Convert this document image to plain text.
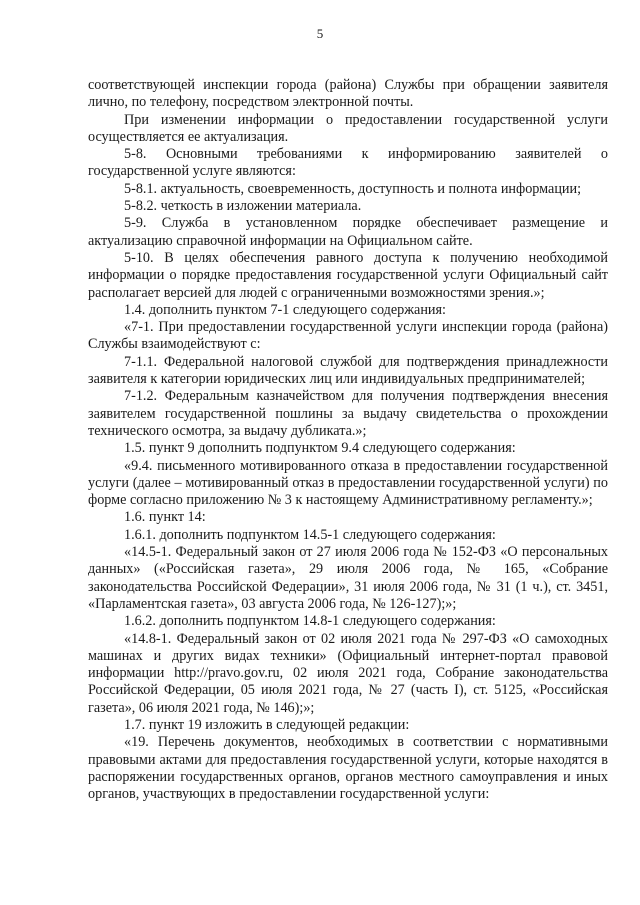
5

соответствующей инспекции города (района) Службы при обращении заявителя лично, по телефону, посредством электронной почты.

При изменении информации о предоставлении государственной услуги осуществляется ее актуализация.

5-8. Основными требованиями к информированию заявителей о государственной услуге являются:

5-8.1. актуальность, своевременность, доступность и полнота информации;

5-8.2. четкость в изложении материала.

5-9. Служба в установленном порядке обеспечивает размещение и актуализацию справочной информации на Официальном сайте.

5-10. В целях обеспечения равного доступа к получению необходимой информации о порядке предоставления государственной услуги Официальный сайт располагает версией для людей с ограниченными возможностями зрения.»;

1.4. дополнить пунктом 7-1 следующего содержания:

«7-1. При предоставлении государственной услуги инспекции города (района) Службы взаимодействуют с:

7-1.1. Федеральной налоговой службой для подтверждения принадлежности заявителя к категории юридических лиц или индивидуальных предпринимателей;

7-1.2. Федеральным казначейством для получения подтверждения внесения заявителем государственной пошлины за выдачу свидетельства о прохождении технического осмотра, за выдачу дубликата.»;

1.5. пункт 9 дополнить подпунктом 9.4 следующего содержания:

«9.4. письменного мотивированного отказа в предоставлении государственной услуги (далее – мотивированный отказ в предоставлении государственной услуги) по форме согласно приложению № 3 к настоящему Административному регламенту.»;

1.6. пункт 14:

1.6.1. дополнить подпунктом 14.5-1 следующего содержания:

«14.5-1. Федеральный закон от 27 июля 2006 года № 152-ФЗ «О персональных данных» («Российская газета», 29 июля 2006 года, № 165, «Собрание законодательства Российской Федерации», 31 июля 2006 года, № 31 (1 ч.), ст. 3451, «Парламентская газета», 03 августа 2006 года, № 126-127);»;

1.6.2. дополнить подпунктом 14.8-1 следующего содержания:

«14.8-1. Федеральный закон от 02 июля 2021 года № 297-ФЗ «О самоходных машинах и других видах техники» (Официальный интернет-портал правовой информации http://pravo.gov.ru, 02 июля 2021 года, Собрание законодательства Российской Федерации, 05 июля 2021 года, № 27 (часть I), ст. 5125, «Российская газета», 06 июля 2021 года, № 146);»;

1.7. пункт 19 изложить в следующей редакции:

«19. Перечень документов, необходимых в соответствии с нормативными правовыми актами для предоставления государственной услуги, которые находятся в распоряжении государственных органов, органов местного самоуправления и иных органов, участвующих в предоставлении государственной услуги:
